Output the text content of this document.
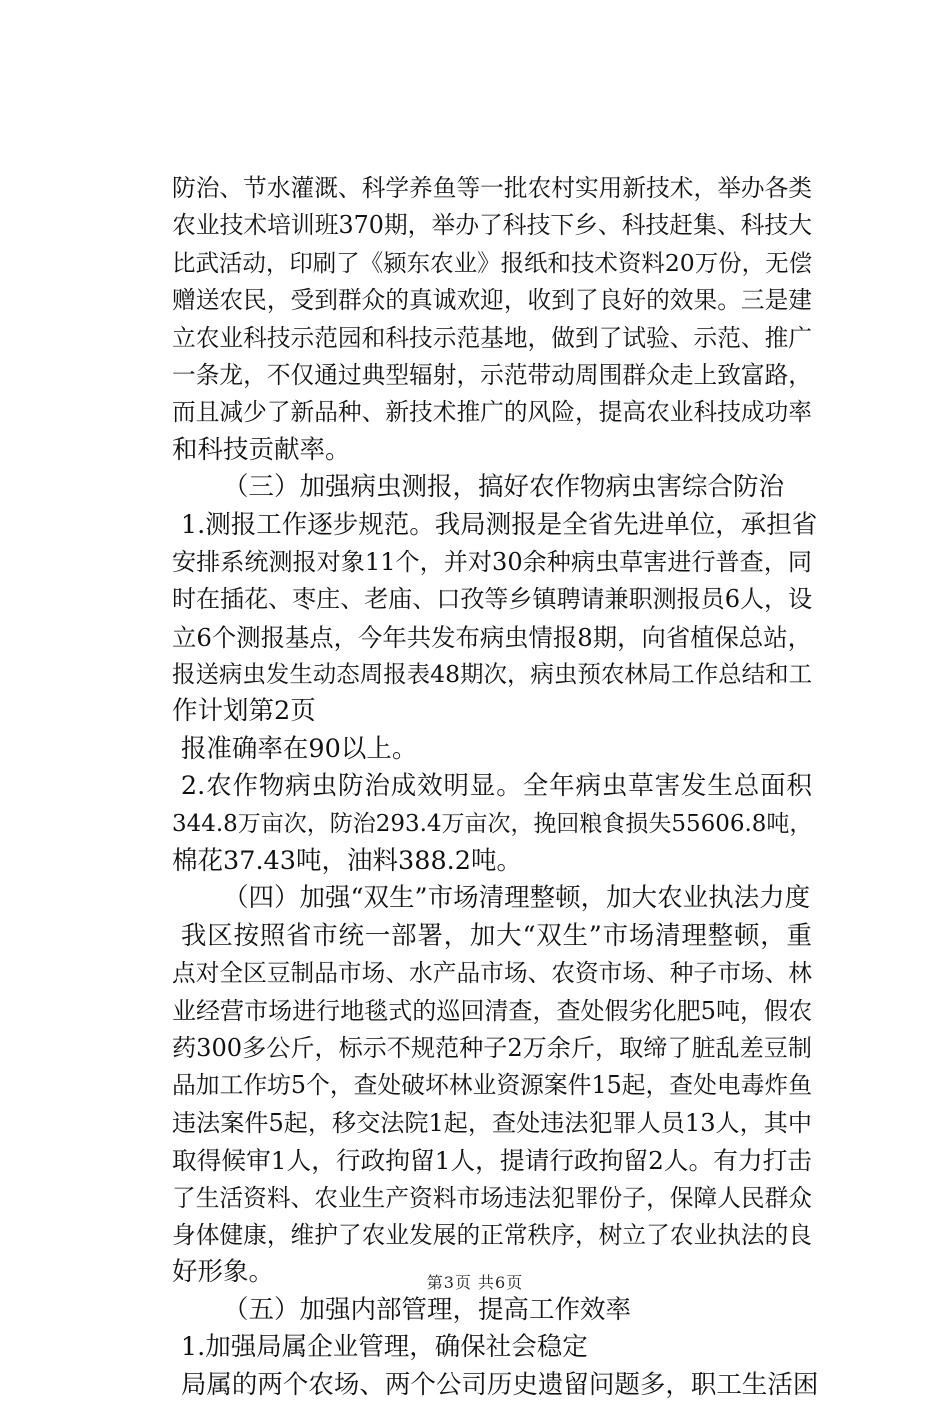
防治、节水灌溉、科学养鱼等一批农村实用新技术，举办各类
农业技术培训班370期，举办了科技下乡、科技赶集、科技大
比武活动，印刷了《颍东农业》报纸和技术资料20万份，无偿
赠送农民，受到群众的真诚欢迎，收到了良好的效果。三是建
立农业科技示范园和科技示范基地，做到了试验、示范、推广
一条龙，不仅通过典型辐射，示范带动周围群众走上致富路，
而且减少了新品种、新技术推广的风险，提高农业科技成功率
和科技贡献率。
（三）加强病虫测报，搞好农作物病虫害综合防治
1.测报工作逐步规范。我局测报是全省先进单位，承担省
安排系统测报对象11个，并对30余种病虫草害进行普查，同
时在插花、枣庄、老庙、口孜等乡镇聘请兼职测报员6人，设
立6个测报基点，今年共发布病虫情报8期，向省植保总站，
报送病虫发生动态周报表48期次，病虫预农林局工作总结和工
作计划第2页
报准确率在90以上。
2.农作物病虫防治成效明显。全年病虫草害发生总面积
344.8万亩次，防治293.4万亩次，挽回粮食损失55606.8吨，
棉花37.43吨，油料388.2吨。
（四）加强“双生”市场清理整顿，加大农业执法力度
我区按照省市统一部署，加大“双生”市场清理整顿，重
点对全区豆制品市场、水产品市场、农资市场、种子市场、林
业经营市场进行地毯式的巡回清查，查处假劣化肥5吨，假农
药300多公斤，标示不规范种子2万余斤，取缔了脏乱差豆制
品加工作坊5个，查处破坏林业资源案件15起，查处电毒炸鱼
违法案件5起，移交法院1起，查处违法犯罪人员13人，其中
取得候审1人，行政拘留1人，提请行政拘留2人。有力打击
了生活资料、农业生产资料市场违法犯罪份子，保障人民群众
身体健康，维护了农业发展的正常秩序，树立了农业执法的良
好形象。
（五）加强内部管理，提高工作效率
1.加强局属企业管理，确保社会稳定
局属的两个农场、两个公司历史遗留问题多，职工生活困
第3页 共6页
